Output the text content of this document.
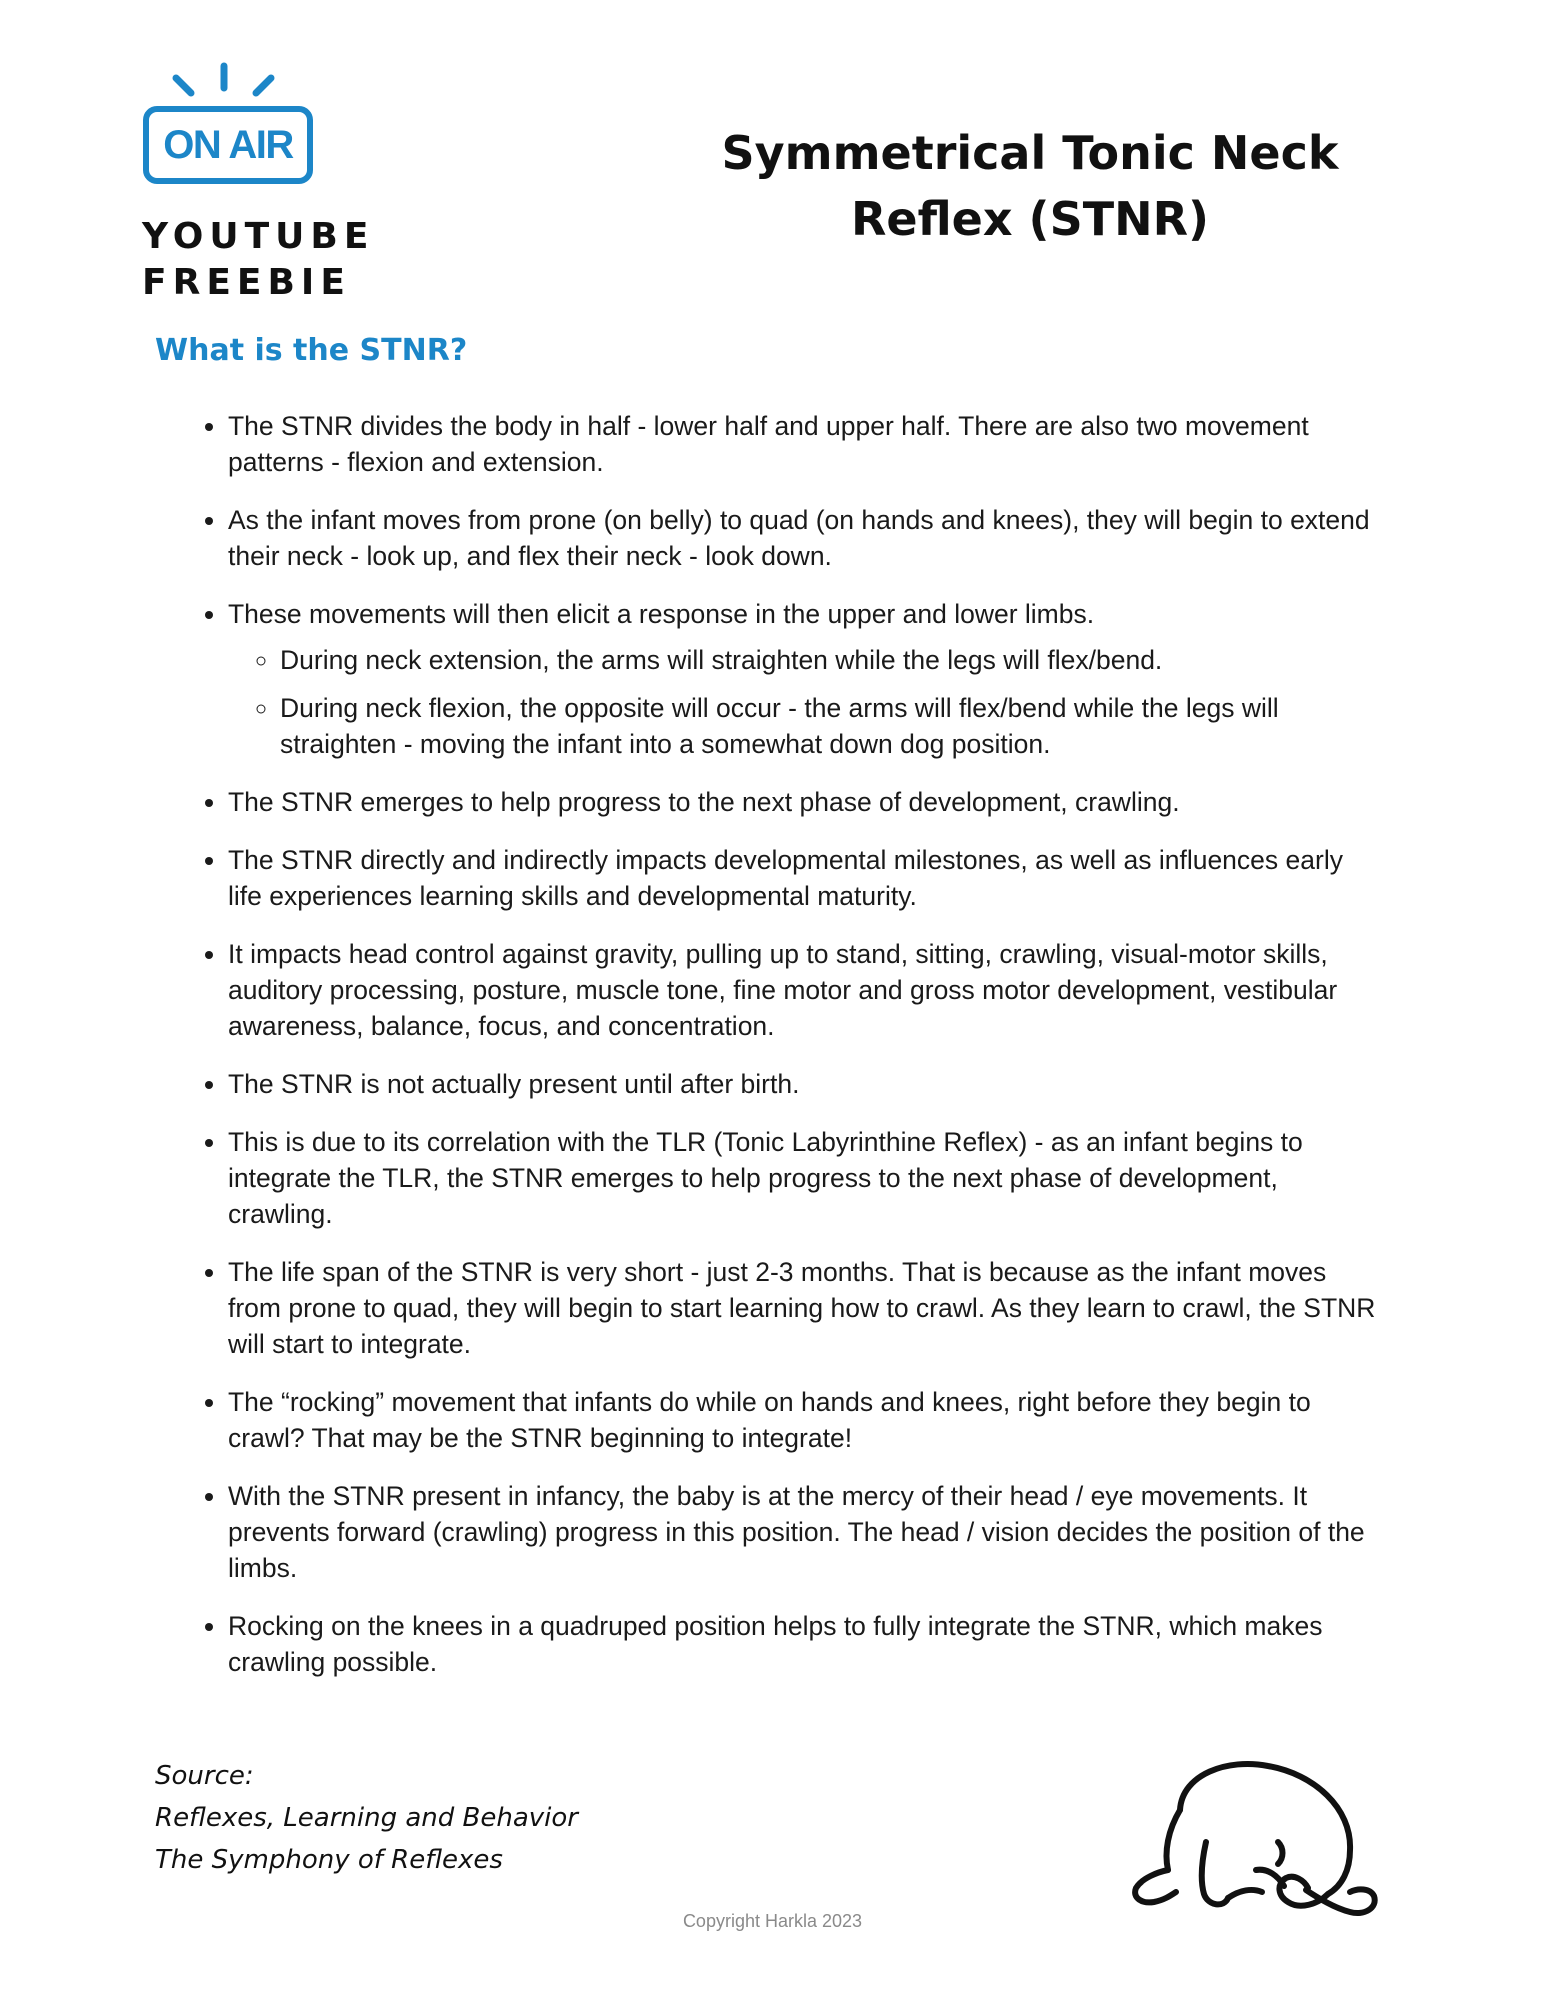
ON AIR
YOUTUBE
FREEBIE
Symmetrical Tonic Neck
Reflex (STNR)
What is the STNR?
• The STNR divides the body in half - lower half and upper half. There are also two movement patterns - flexion and extension.
• As the infant moves from prone (on belly) to quad (on hands and knees), they will begin to extend their neck - look up, and flex their neck - look down.
• These movements will then elicit a response in the upper and lower limbs.
◦ During neck extension, the arms will straighten while the legs will flex/bend.
◦ During neck flexion, the opposite will occur - the arms will flex/bend while the legs will straighten - moving the infant into a somewhat down dog position.
• The STNR emerges to help progress to the next phase of development, crawling.
• The STNR directly and indirectly impacts developmental milestones, as well as influences early life experiences learning skills and developmental maturity.
• It impacts head control against gravity, pulling up to stand, sitting, crawling, visual-motor skills, auditory processing, posture, muscle tone, fine motor and gross motor development, vestibular awareness, balance, focus, and concentration.
• The STNR is not actually present until after birth.
• This is due to its correlation with the TLR (Tonic Labyrinthine Reflex) - as an infant begins to integrate the TLR, the STNR emerges to help progress to the next phase of development, crawling.
• The life span of the STNR is very short - just 2-3 months. That is because as the infant moves from prone to quad, they will begin to start learning how to crawl. As they learn to crawl, the STNR will start to integrate.
• The “rocking” movement that infants do while on hands and knees, right before they begin to crawl? That may be the STNR beginning to integrate!
• With the STNR present in infancy, the baby is at the mercy of their head / eye movements. It prevents forward (crawling) progress in this position. The head / vision decides the position of the limbs.
• Rocking on the knees in a quadruped position helps to fully integrate the STNR, which makes crawling possible.
Source:
Reflexes, Learning and Behavior
The Symphony of Reflexes
Copyright Harkla 2023
